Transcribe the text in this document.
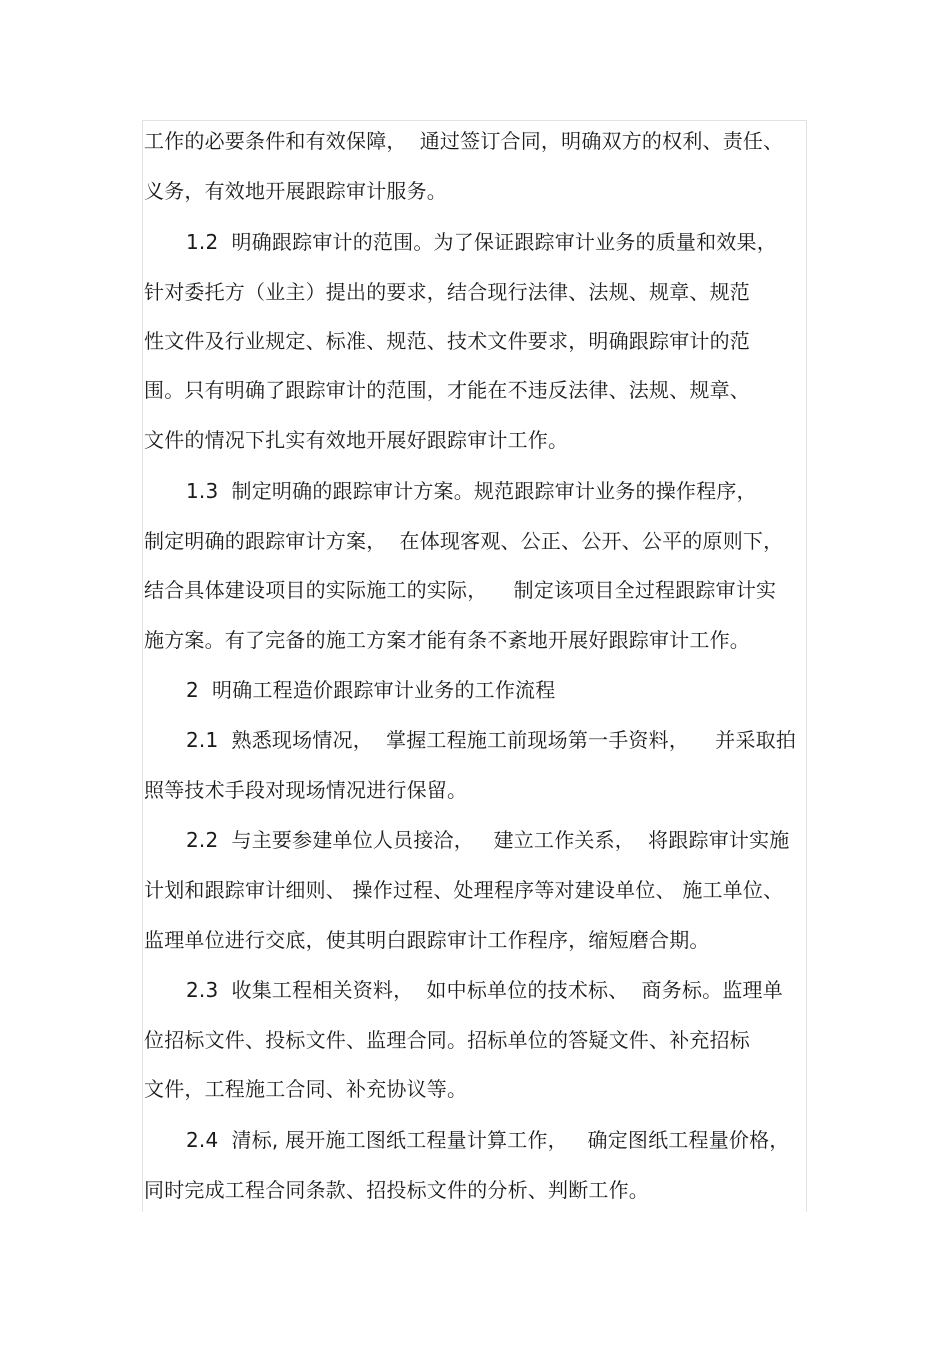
工作的必要条件和有效保障，  通过签订合同，明确双方的权利、责任、
义务，有效地开展跟踪审计服务。
1.2  明确跟踪审计的范围。为了保证跟踪审计业务的质量和效果，
针对委托方（业主）提出的要求，结合现行法律、法规、规章、规范
性文件及行业规定、标准、规范、技术文件要求，明确跟踪审计的范
围。只有明确了跟踪审计的范围，才能在不违反法律、法规、规章、
文件的情况下扎实有效地开展好跟踪审计工作。
1.3  制定明确的跟踪审计方案。规范跟踪审计业务的操作程序，
制定明确的跟踪审计方案，  在体现客观、公正、公开、公平的原则下，
结合具体建设项目的实际施工的实际，    制定该项目全过程跟踪审计实
施方案。有了完备的施工方案才能有条不紊地开展好跟踪审计工作。
2  明确工程造价跟踪审计业务的工作流程
2.1  熟悉现场情况，  掌握工程施工前现场第一手资料，    并采取拍
照等技术手段对现场情况进行保留。
2.2  与主要参建单位人员接洽，   建立工作关系，  将跟踪审计实施
计划和跟踪审计细则、 操作过程、处理程序等对建设单位、 施工单位、
监理单位进行交底，使其明白跟踪审计工作程序，缩短磨合期。
2.3  收集工程相关资料，  如中标单位的技术标、  商务标。监理单
位招标文件、投标文件、监理合同。招标单位的答疑文件、补充招标
文件，工程施工合同、补充协议等。
2.4  清标, 展开施工图纸工程量计算工作，   确定图纸工程量价格，
同时完成工程合同条款、招投标文件的分析、判断工作。
